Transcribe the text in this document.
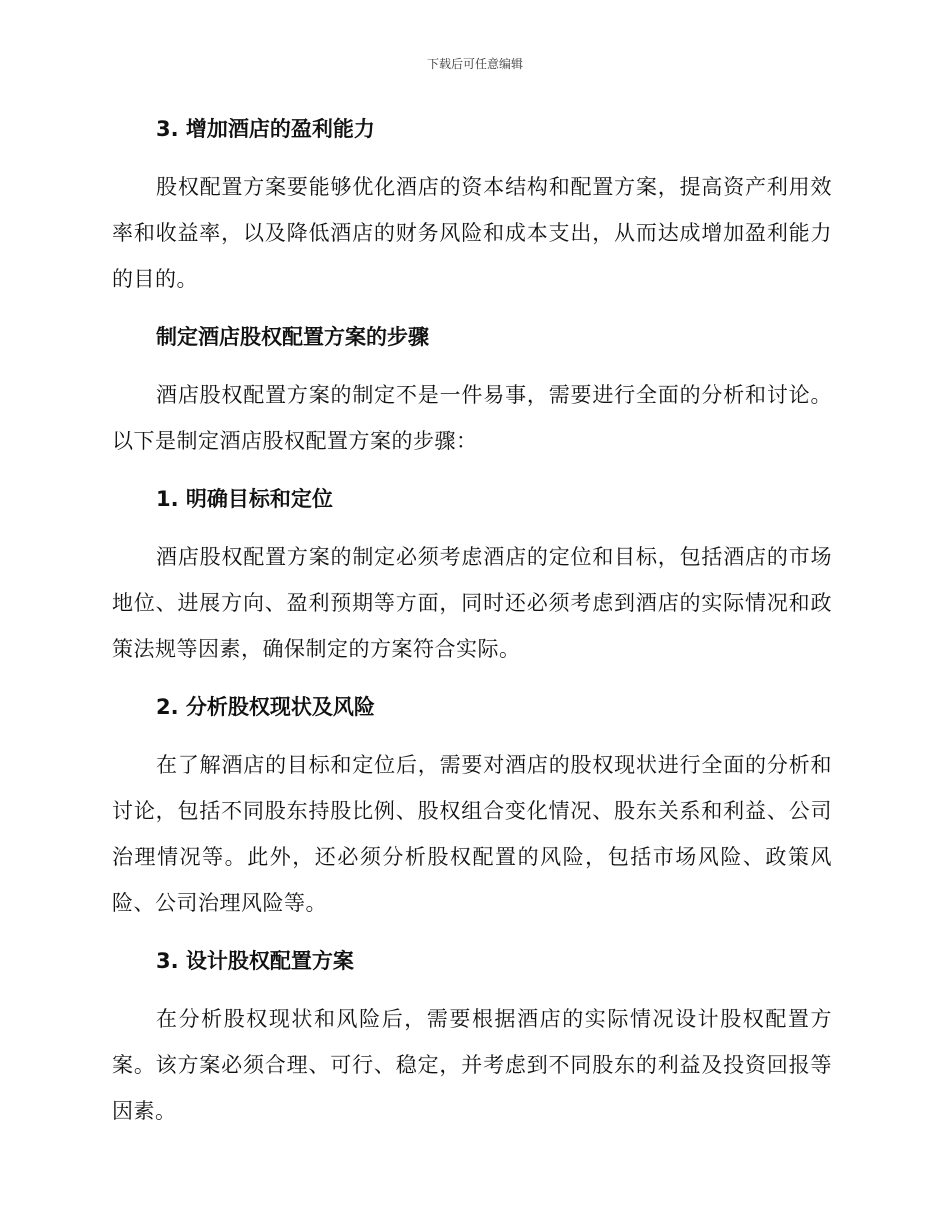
下载后可任意编辑
3. 增加酒店的盈利能力
股权配置方案要能够优化酒店的资本结构和配置方案，提高资产利用效率和收益率，以及降低酒店的财务风险和成本支出，从而达成增加盈利能力的目的。
制定酒店股权配置方案的步骤
酒店股权配置方案的制定不是一件易事，需要进行全面的分析和讨论。以下是制定酒店股权配置方案的步骤：
1. 明确目标和定位
酒店股权配置方案的制定必须考虑酒店的定位和目标，包括酒店的市场地位、进展方向、盈利预期等方面，同时还必须考虑到酒店的实际情况和政策法规等因素，确保制定的方案符合实际。
2. 分析股权现状及风险
在了解酒店的目标和定位后，需要对酒店的股权现状进行全面的分析和讨论，包括不同股东持股比例、股权组合变化情况、股东关系和利益、公司治理情况等。此外，还必须分析股权配置的风险，包括市场风险、政策风险、公司治理风险等。
3. 设计股权配置方案
在分析股权现状和风险后，需要根据酒店的实际情况设计股权配置方案。该方案必须合理、可行、稳定，并考虑到不同股东的利益及投资回报等因素。
